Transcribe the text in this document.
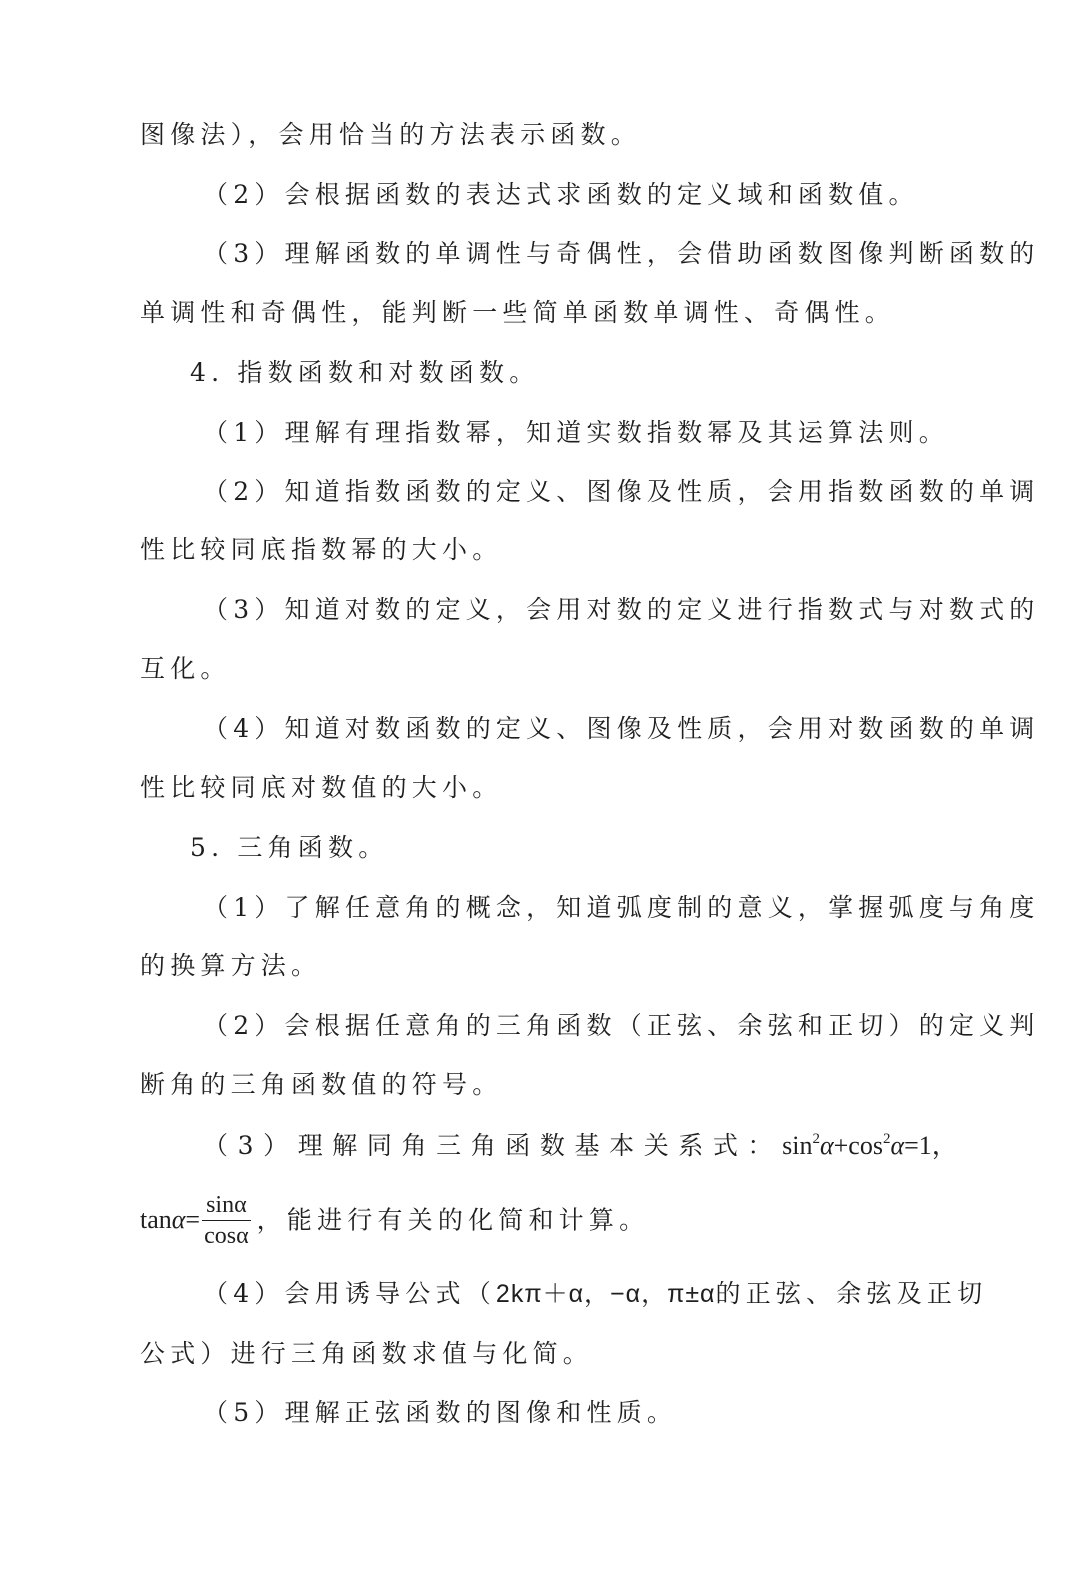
图像法），会用恰当的方法表示函数。
（2）会根据函数的表达式求函数的定义域和函数值。
（3）理解函数的单调性与奇偶性，会借助函数图像判断函数的
单调性和奇偶性，能判断一些简单函数单调性、奇偶性。
4. 指数函数和对数函数。
（1）理解有理指数幂，知道实数指数幂及其运算法则。
（2）知道指数函数的定义、图像及性质，会用指数函数的单调
性比较同底指数幂的大小。
（3）知道对数的定义，会用对数的定义进行指数式与对数式的
互化。
（4）知道对数函数的定义、图像及性质，会用对数函数的单调
性比较同底对数值的大小。
5. 三角函数。
（1）了解任意角的概念，知道弧度制的意义，掌握弧度与角度
的换算方法。
（2）会根据任意角的三角函数（正弦、余弦和正切）的定义判
断角的三角函数值的符号。
（3）理解同角三角函数基本关系式：$\sin^2\alpha+\cos^2\alpha=1$，
$\tan\alpha= \frac{\sin\alpha}{\cos\alpha}$ ，能进行有关的化简和计算。
（4）会用诱导公式（2kπ＋α，−α，π±α的正弦、余弦及正切
公式）进行三角函数求值与化简。
（5）理解正弦函数的图像和性质。
